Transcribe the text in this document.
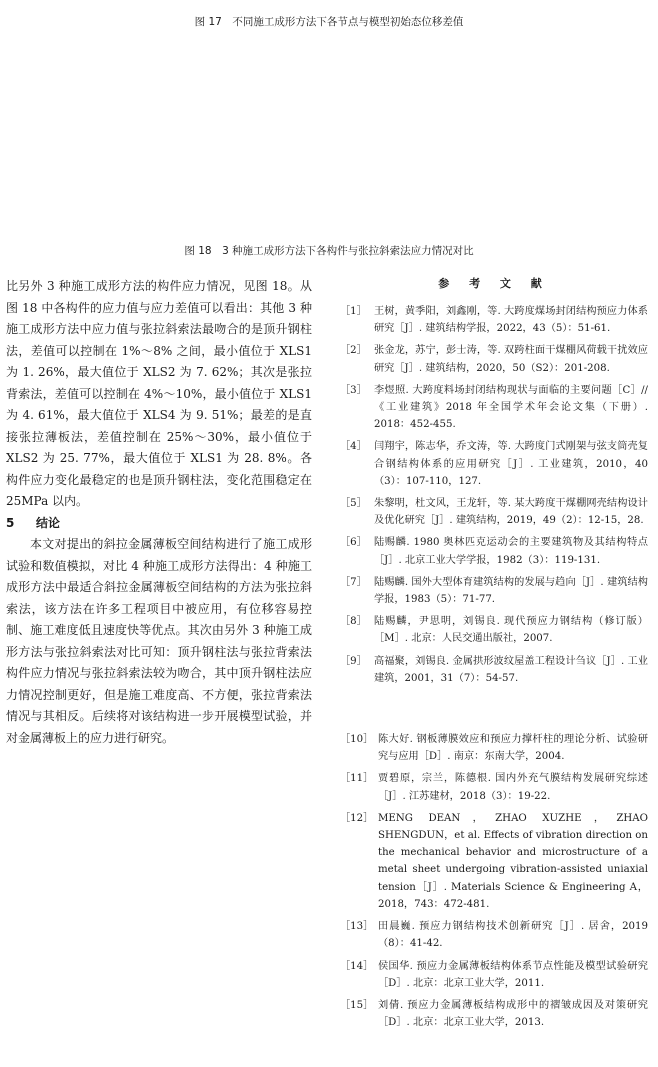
图 17　不同施工成形方法下各节点与模型初始态位移差值
图 18　3 种施工成形方法下各构件与张拉斜索法应力情况对比

比另外 3 种施工成形方法的构件应力情况，见图 18。从图 18 中各构件的应力值与应力差值可以看出：其他 3 种施工成形方法中应力值与张拉斜索法最吻合的是顶升钢柱法，差值可以控制在 1%～8% 之间，最小值位于 XLS1 为 1. 26%，最大值位于 XLS2 为 7. 62%；其次是张拉背索法，差值可以控制在 4%～10%，最小值位于 XLS1 为 4. 61%，最大值位于 XLS4 为 9. 51%；最差的是直接张拉薄板法，差值控制在 25%～30%，最小值位于 XLS2 为 25. 77%，最大值位于 XLS1 为 28. 8%。各构件应力变化最稳定的也是顶升钢柱法，变化范围稳定在 25MPa 以内。

5 结论

本文对提出的斜拉金属薄板空间结构进行了施工成形试验和数值模拟，对比 4 种施工成形方法得出：4 种施工成形方法中最适合斜拉金属薄板空间结构的方法为张拉斜索法，该方法在许多工程项目中被应用，有位移容易控制、施工难度低且速度快等优点。其次由另外 3 种施工成形方法与张拉斜索法对比可知：顶升钢柱法与张拉背索法构件应力情况与张拉斜索法较为吻合，其中顶升钢柱法应力情况控制更好，但是施工难度高、不方便，张拉背索法情况与其相反。后续将对该结构进一步开展模型试验，并对金属薄板上的应力进行研究。

参 考 文 献
［1］ 王树，黄季阳，刘鑫刚，等. 大跨度煤场封闭结构预应力体系研究［J］. 建筑结构学报，2022，43（5）：51-61.
［2］ 张金龙，苏宁，彭士涛，等. 双跨柱面干煤棚风荷载干扰效应研究［J］. 建筑结构，2020，50（S2）：201-208.
［3］ 李煜照. 大跨度料场封闭结构现状与面临的主要问题［C］//《工业建筑》2018 年全国学术年会论文集（下册）. 2018：452-455.
［4］ 闫翔宇，陈志华，乔文涛，等. 大跨度门式刚架与弦支筒壳复合钢结构体系的应用研究［J］. 工业建筑，2010，40（3）：107-110，127.
［5］ 朱黎明，杜文风，王龙轩，等. 某大跨度干煤棚网壳结构设计及优化研究［J］. 建筑结构，2019，49（2）：12-15，28.
［6］ 陆赐麟. 1980 奥林匹克运动会的主要建筑物及其结构特点［J］. 北京工业大学学报，1982（3）：119-131.
［7］ 陆赐麟. 国外大型体育建筑结构的发展与趋向［J］. 建筑结构学报，1983（5）：71-77.
［8］ 陆赐麟，尹思明，刘锡良. 现代预应力钢结构（修订版）［M］. 北京：人民交通出版社，2007.
［9］ 高福聚，刘锡良. 金属拱形波纹屋盖工程设计刍议［J］. 工业建筑，2001，31（7）：54-57.
［10］ 陈大好. 钢板薄膜效应和预应力撑杆柱的理论分析、试验研究与应用［D］. 南京：东南大学，2004.
［11］ 贾碧原，宗兰，陈德根. 国内外充气膜结构发展研究综述［J］. 江苏建材，2018（3）：19-22.
［12］ MENG DEAN，ZHAO XUZHE，ZHAO SHENGDUN，et al. Effects of vibration direction on the mechanical behavior and microstructure of a metal sheet undergoing vibration-assisted uniaxial tension［J］. Materials Science & Engineering A，2018，743：472-481.
［13］ 田晨巍. 预应力钢结构技术创新研究［J］. 居舍，2019（8）：41-42.
［14］ 侯国华. 预应力金属薄板结构体系节点性能及模型试验研究［D］. 北京：北京工业大学，2011.
［15］ 刘倩. 预应力金属薄板结构成形中的褶皱成因及对策研究［D］. 北京：北京工业大学，2013.
